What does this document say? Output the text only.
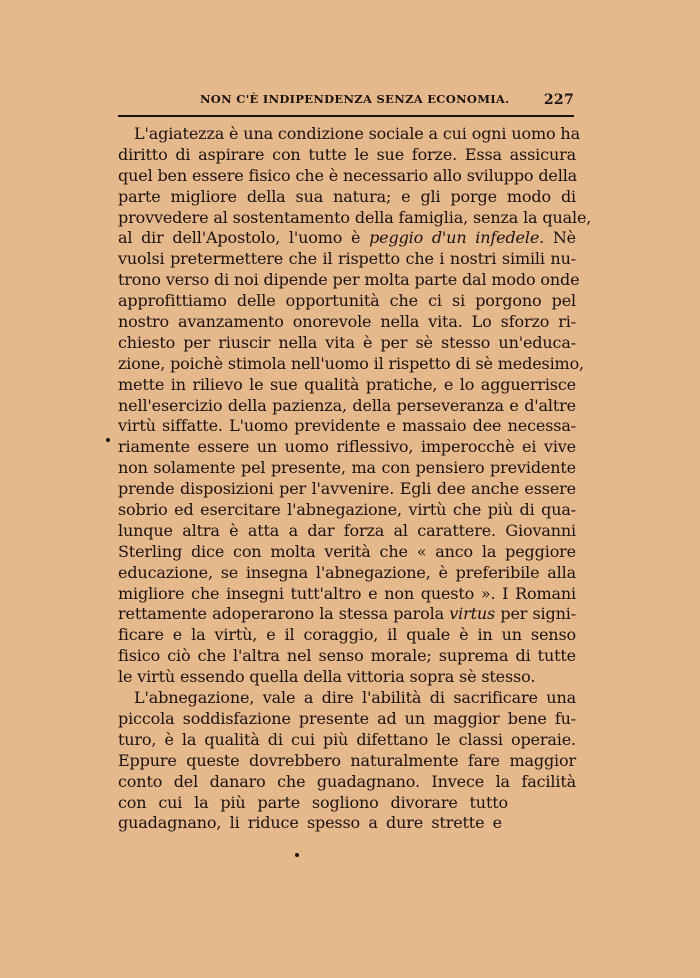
NON C'È INDIPENDENZA SENZA ECONOMIA. 227
L'agiatezza è una condizione sociale a cui ogni uomo ha
diritto di aspirare con tutte le sue forze. Essa assicura
quel ben essere fisico che è necessario allo sviluppo della
parte migliore della sua natura; e gli porge modo di
provvedere al sostentamento della famiglia, senza la quale,
al dir dell'Apostolo, l'uomo è peggio d'un infedele. Nè
vuolsi pretermettere che il rispetto che i nostri simili nu-
trono verso di noi dipende per molta parte dal modo onde
approfittiamo delle opportunità che ci si porgono pel
nostro avanzamento onorevole nella vita. Lo sforzo ri-
chiesto per riuscir nella vita è per sè stesso un'educa-
zione, poichè stimola nell'uomo il rispetto di sè medesimo,
mette in rilievo le sue qualità pratiche, e lo agguerrisce
nell'esercizio della pazienza, della perseveranza e d'altre
virtù siffatte. L'uomo previdente e massaio dee necessa-
riamente essere un uomo riflessivo, imperocchè ei vive
non solamente pel presente, ma con pensiero previdente
prende disposizioni per l'avvenire. Egli dee anche essere
sobrio ed esercitare l'abnegazione, virtù che più di qua-
lunque altra è atta a dar forza al carattere. Giovanni
Sterling dice con molta verità che « anco la peggiore
educazione, se insegna l'abnegazione, è preferibile alla
migliore che insegni tutt'altro e non questo ». I Romani
rettamente adoperarono la stessa parola virtus per signi-
ficare e la virtù, e il coraggio, il quale è in un senso
fisico ciò che l'altra nel senso morale; suprema di tutte
le virtù essendo quella della vittoria sopra sè stesso.
L'abnegazione, vale a dire l'abilità di sacrificare una
piccola soddisfazione presente ad un maggior bene fu-
turo, è la qualità di cui più difettano le classi operaie.
Eppure queste dovrebbero naturalmente fare maggior
conto del danaro che guadagnano. Invece la facilità
con cui la più parte sogliono divorare tutto
guadagnano, li riduce spesso a dure strette e
